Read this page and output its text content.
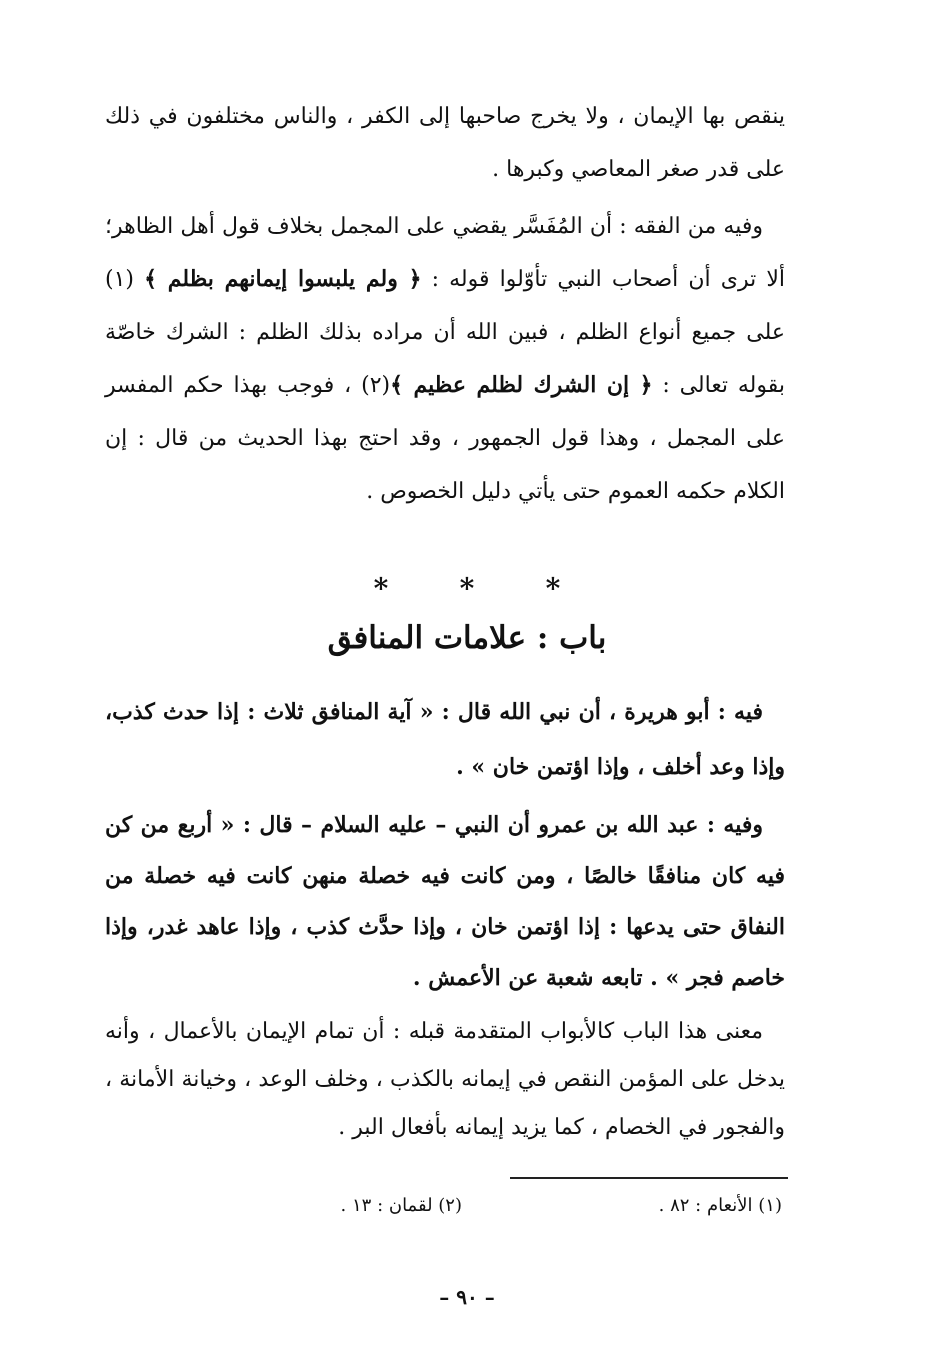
ينقص بها الإيمان ، ولا يخرج صاحبها إلى الكفر ، والناس مختلفون في ذلك على قدر صغر المعاصي وكبرها .

وفيه من الفقه : أن المُفَسَّر يقضي على المجمل بخلاف قول أهل الظاهر؛ ألا ترى أن أصحاب النبي تأوّلوا قوله : ﴿ ولم يلبسوا إيمانهم بظلم ﴾ (١) على جميع أنواع الظلم ، فبين الله أن مراده بذلك الظلم : الشرك خاصّة بقوله تعالى : ﴿ إن الشرك لظلم عظيم ﴾(٢) ، فوجب بهذا حكم المفسر على المجمل ، وهذا قول الجمهور ، وقد احتج بهذا الحديث من قال : إن الكلام حكمه العموم حتى يأتي دليل الخصوص .

*	*	*
باب : علامات المنافق

فيه : أبو هريرة ، أن نبي الله قال : « آية المنافق ثلاث : إذا حدث كذب، وإذا وعد أخلف ، وإذا اؤتمن خان » .

وفيه : عبد الله بن عمرو أن النبي – عليه السلام – قال : « أربع من كن فيه كان منافقًا خالصًا ، ومن كانت فيه خصلة منهن كانت فيه خصلة من النفاق حتى يدعها : إذا اؤتمن خان ، وإذا حدَّث كذب ، وإذا عاهد غدر، وإذا خاصم فجر » . تابعه شعبة عن الأعمش .

معنى هذا الباب كالأبواب المتقدمة قبله : أن تمام الإيمان بالأعمال ، وأنه يدخل على المؤمن النقص في إيمانه بالكذب ، وخلف الوعد ، وخيانة الأمانة ، والفجور في الخصام ، كما يزيد إيمانه بأفعال البر .

(١) الأنعام : ٨٢ .
(٢) لقمان : ١٣ .
– ٩٠ –
